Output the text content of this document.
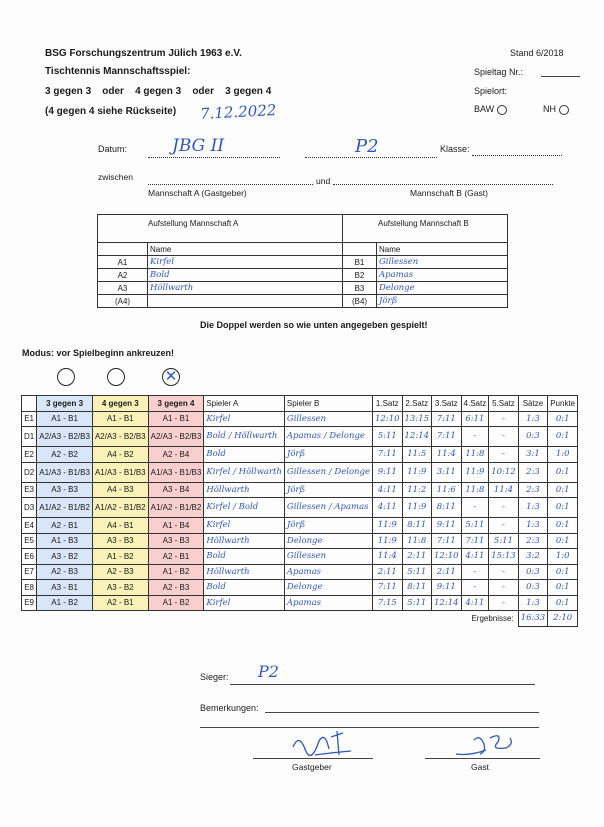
BSG Forschungszentrum Jülich 1963 e.V.
Tischtennis Mannschaftsspiel:
3 gegen 3 oder 4 gegen 3 oder 3 gegen 4
(4 gegen 4 siehe Rückseite) 7.12.2022
Stand 6/2018
Spieltag Nr.:
Spielort:
BAW	NH
Datum:	JBG II	P2	Klasse:
zwischen	und
Mannschaft A (Gastgeber)	Mannschaft B (Gast)
Aufstellung Mannschaft A		Aufstellung Mannschaft B	
	Name		Name
A1	Kirfel	B1	Gillessen
A2	Bold	B2	Apamas
A3	Höllwarth	B3	Delonge
(A4)		(B4)	Jörß
Die Doppel werden so wie unten angegeben gespielt!
Modus: vor Spielbeginn ankreuzen!
✕
	3 gegen 3	4 gegen 3	3 gegen 4	Spieler A	Spieler B	1.Satz	2.Satz	3.Satz	4.Satz	5.Satz	Sätze	Punkte
E1	A1 - B1	A1 - B1	A1 - B1	Kirfel	Gillessen	12:10	13:15	7:11	6:11	-	1:3	0:1
D1	A2/A3 - B2/B3	A2/A3 - B2/B3	A2/A3 - B2/B3	Bold / Höllwarth	Apamas / Delonge	5:11	12:14	7:11	-	-	0:3	0:1
E2	A2 - B2	A4 - B2	A2 - B4	Bold	Jörß	7:11	11:5	11:4	11:8	-	3:1	1:0
D2	A1/A3 - B1/B3	A1/A3 - B1/B3	A1/A3 - B1/B3	Kirfel / Höllwarth	Gillessen / Delonge	9:11	11:9	3:11	11:9	10:12	2:3	0:1
E3	A3 - B3	A4 - B3	A3 - B4	Höllwarth	Jörß	4:11	11:2	11:6	11:8	11:4	2:3	0:1
D3	A1/A2 - B1/B2	A1/A2 - B1/B2	A1/A2 - B1/B2	Kirfel / Bold	Gillessen / Apamas	4:11	11:9	8:11	-	-	1:3	0:1
E4	A2 - B1	A4 - B1	A1 - B4	Kirfel	Jörß	11:9	8:11	9:11	5:11	-	1:3	0:1
E5	A1 - B3	A3 - B3	A3 - B3	Höllwarth	Delonge	11:9	11:8	7:11	7:11	5:11	2:3	0:1
E6	A3 - B2	A1 - B2	A2 - B1	Bold	Gillessen	11:4	2:11	12:10	4:11	15:13	3:2	1:0
E7	A2 - B3	A2 - B3	A1 - B2	Höllwarth	Apamas	2:11	5:11	2:11	-	-	0:3	0:1
E8	A3 - B1	A3 - B2	A2 - B3	Bold	Delonge	7:11	8:11	9:11	-	-	0:3	0:1
E9	A1 - B2	A2 - B1	A1 - B2	Kirfel	Apamas	7:15	5:11	12:14	4:11	-	1:3	0:1
Ergebnisse:											16:33	2:10
Sieger: P2
Bemerkungen:
Gastgeber	Gast
